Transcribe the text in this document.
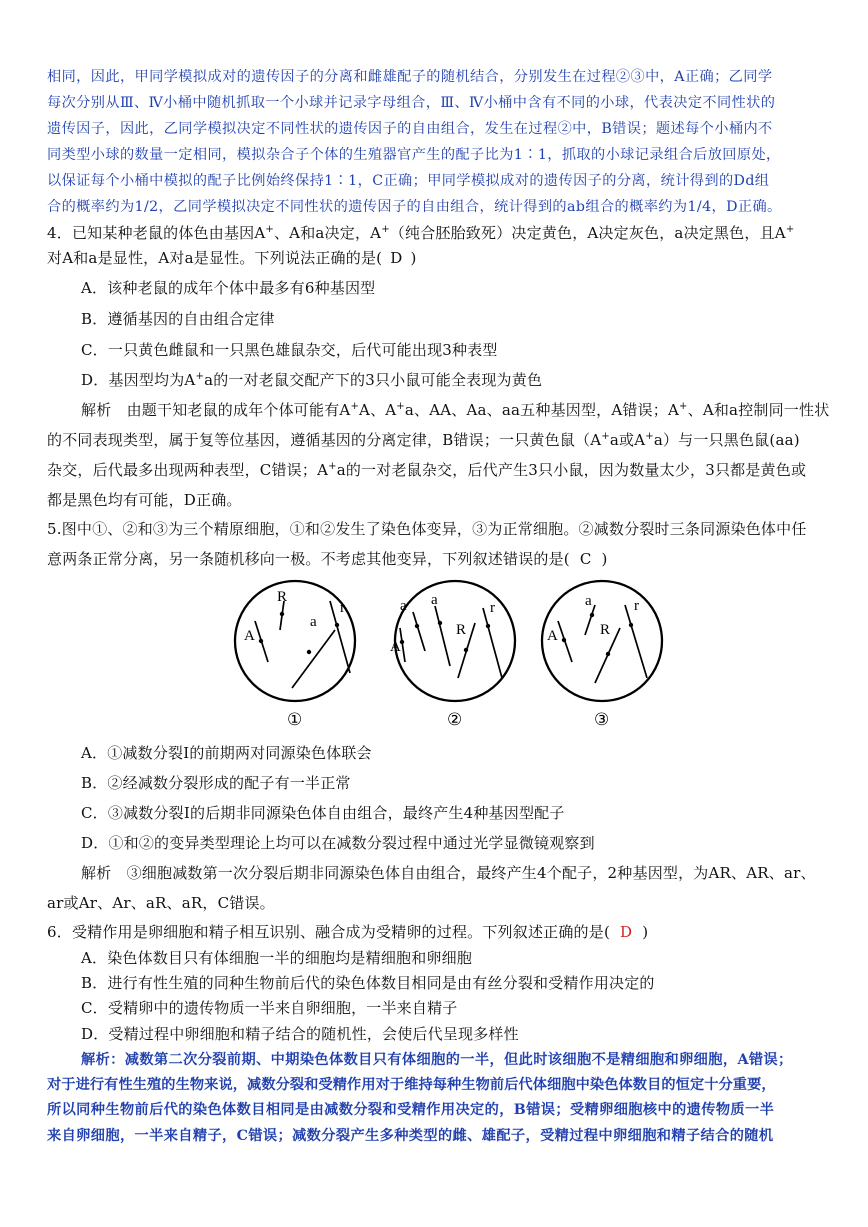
相同，因此，甲同学模拟成对的遗传因子的分离和雌雄配子的随机结合，分别发生在过程②③中，A正确；乙同学
每次分别从Ⅲ、Ⅳ小桶中随机抓取一个小球并记录字母组合，Ⅲ、Ⅳ小桶中含有不同的小球，代表决定不同性状的
遗传因子，因此，乙同学模拟决定不同性状的遗传因子的自由组合，发生在过程②中，B错误；题述每个小桶内不
同类型小球的数量一定相同，模拟杂合子个体的生殖器官产生的配子比为1∶1，抓取的小球记录组合后放回原处，
以保证每个小桶中模拟的配子比例始终保持1∶1，C正确；甲同学模拟成对的遗传因子的分离，统计得到的Dd组
合的概率约为1/2，乙同学模拟决定不同性状的遗传因子的自由组合，统计得到的ab组合的概率约为1/4，D正确。
4．已知某种老鼠的体色由基因A+、A和a决定，A+（纯合胚胎致死）决定黄色，A决定灰色，a决定黑色，且A+
对A和a是显性，A对a是显性。下列说法正确的是( D )
A．该种老鼠的成年个体中最多有6种基因型
B．遵循基因的自由组合定律
C．一只黄色雌鼠和一只黑色雄鼠杂交，后代可能出现3种表型
D．基因型均为A+a的一对老鼠交配产下的3只小鼠可能全表现为黄色
解析　由题干知老鼠的成年个体可能有A+A、A+a、AA、Aa、aa五种基因型，A错误；A+、A和a控制同一性状
的不同表现类型，属于复等位基因，遵循基因的分离定律，B错误；一只黄色鼠（A+a或A+a）与一只黑色鼠(aa)
杂交，后代最多出现两种表型，C错误；A+a的一对老鼠杂交，后代产生3只小鼠，因为数量太少，3只都是黄色或
都是黑色均有可能，D正确。
5.图中①、②和③为三个精原细胞，①和②发生了染色体变异，③为正常细胞。②减数分裂时三条同源染色体中任
意两条正常分离，另一条随机移向一极。不考虑其他变异，下列叙述错误的是( C )
R
a
A
r
①
a a
R
A
r
②
a
R
A
r
③
A．①减数分裂Ⅰ的前期两对同源染色体联会
B．②经减数分裂形成的配子有一半正常
C．③减数分裂Ⅰ的后期非同源染色体自由组合，最终产生4种基因型配子
D．①和②的变异类型理论上均可以在减数分裂过程中通过光学显微镜观察到
解析　③细胞减数第一次分裂后期非同源染色体自由组合，最终产生4个配子，2种基因型，为AR、AR、ar、
ar或Ar、Ar、aR、aR，C错误。
6．受精作用是卵细胞和精子相互识别、融合成为受精卵的过程。下列叙述正确的是( D )
A．染色体数目只有体细胞一半的细胞均是精细胞和卵细胞
B．进行有性生殖的同种生物前后代的染色体数目相同是由有丝分裂和受精作用决定的
C．受精卵中的遗传物质一半来自卵细胞，一半来自精子
D．受精过程中卵细胞和精子结合的随机性，会使后代呈现多样性
解析：减数第二次分裂前期、中期染色体数目只有体细胞的一半，但此时该细胞不是精细胞和卵细胞，A错误；
对于进行有性生殖的生物来说，减数分裂和受精作用对于维持每种生物前后代体细胞中染色体数目的恒定十分重要，
所以同种生物前后代的染色体数目相同是由减数分裂和受精作用决定的，B错误；受精卵细胞核中的遗传物质一半
来自卵细胞，一半来自精子，C错误；减数分裂产生多种类型的雌、雄配子，受精过程中卵细胞和精子结合的随机
